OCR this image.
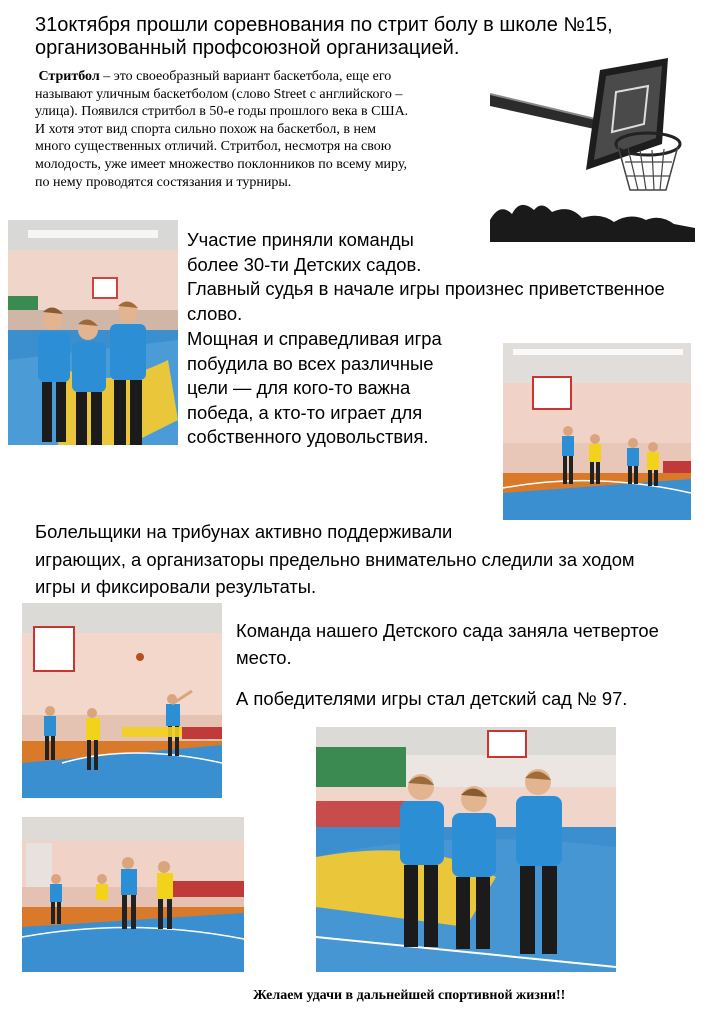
31октября прошли соревнования по стрит болу в школе №15,
организованный профсоюзной организацией.
Стритбол – это своеобразный вариант баскетбола, еще его
называют уличным баскетболом (слово Street с английского –
улица). Появился стритбол в 50-е годы прошлого века в США.
И хотя этот вид спорта сильно похож на баскетбол, в нем
много существенных отличий. Стритбол, несмотря на свою
молодость, уже имеет множество поклонников по всему миру,
по нему проводятся состязания и турниры.
Участие приняли команды
более 30-ти Детских садов.
Главный судья в начале игры произнес приветственное
слово.
Мощная и справедливая игра
побудила во всех различные
цели — для кого-то важна
победа, а кто-то играет для
собственного удовольствия.
Болельщики на трибунах активно поддерживали
играющих, а организаторы предельно внимательно следили за ходом
игры и фиксировали результаты.
Команда нашего Детского сада заняла четвертое
место.
А победителями игры стал детский сад № 97.
Желаем удачи в дальнейшей спортивной жизни!!
